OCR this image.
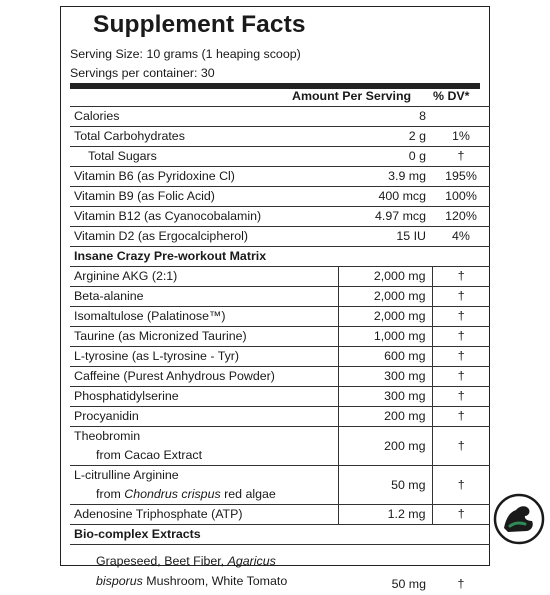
Supplement Facts
Serving Size: 10 grams (1 heaping scoop)
Servings per container: 30
Amount Per Serving % DV*
Calories	8	
Total Carbohydrates	2 g	1%
Total Sugars	0 g	†
Vitamin B6 (as Pyridoxine Cl)	3.9 mg	195%
Vitamin B9 (as Folic Acid)	400 mcg	100%
Vitamin B12 (as Cyanocobalamin)	4.97 mcg	120%
Vitamin D2 (as Ergocalcipherol)	15 IU	4%
Insane Crazy Pre-workout Matrix		
Arginine AKG (2:1)	2,000 mg	†
Beta-alanine	2,000 mg	†
Isomaltulose (Palatinose™)	2,000 mg	†
Taurine (as Micronized Taurine)	1,000 mg	†
L-tyrosine (as L-tyrosine - Tyr)	600 mg	†
Caffeine (Purest Anhydrous Powder)	300 mg	†
Phosphatidylserine	300 mg	†
Procyanidin	200 mg	†

Theobromin
from Cacao Extract	200 mg	†

L-citrulline Arginine
from Chondrus crispus red algae	50 mg	†
Adenosine Triphosphate (ATP)	1.2 mg	†
Bio-complex Extracts		

Grapeseed, Beet Fiber, Agaricus
bisporus Mushroom, White Tomato	50 mg	†
